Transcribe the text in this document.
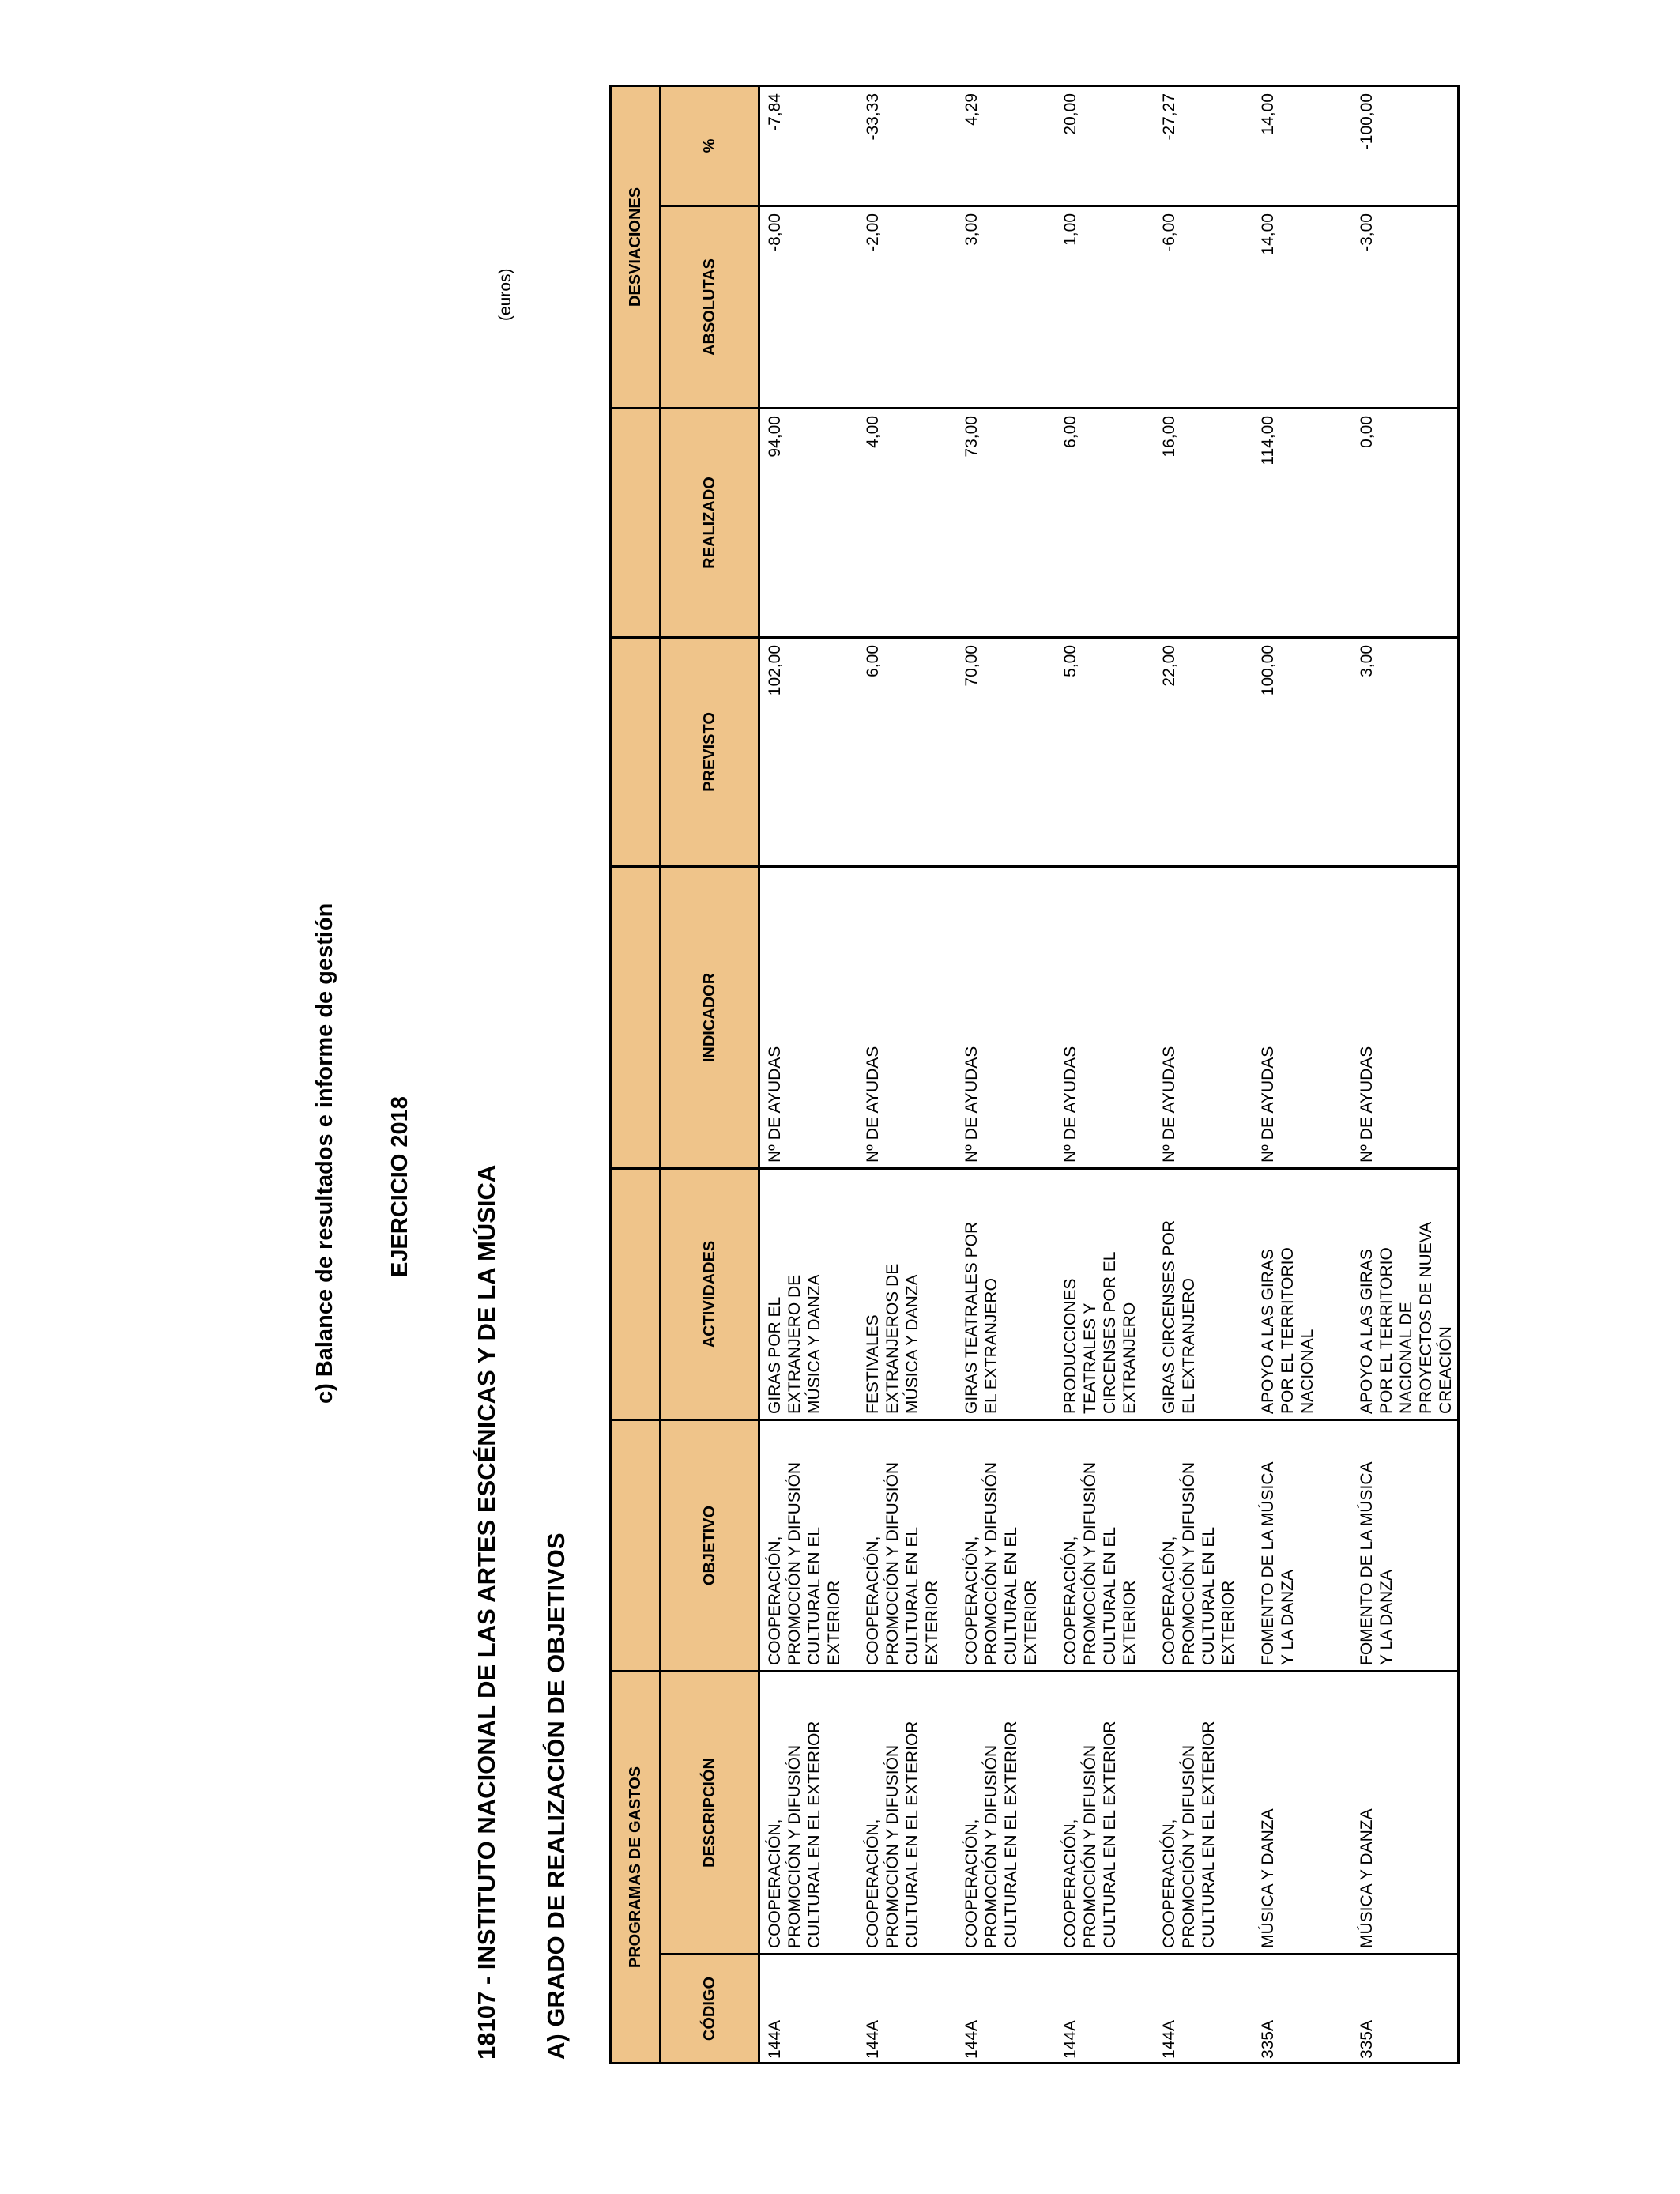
c) Balance de resultados e informe de gestión EJERCICIO 2018 18107 - INSTITUTO NACIONAL DE LAS ARTES ESCÉNICAS Y DE LA MÚSICA
(euros)
A) GRADO DE REALIZACIÓN DE OBJETIVOS	PROGRAMAS DE GASTOS							DESVIACIONES	
CÓDIGO	DESCRIPCIÓN	OBJETIVO	ACTIVIDADES	INDICADOR	PREVISTO	REALIZADO	ABSOLUTAS	%
144A	COOPERACIÓN,
PROMOCIÓN Y DIFUSIÓN
CULTURAL EN EL EXTERIOR	COOPERACIÓN,
PROMOCIÓN Y DIFUSIÓN
CULTURAL EN EL
EXTERIOR	GIRAS POR EL
EXTRANJERO DE
MÚSICA Y DANZA	Nº DE AYUDAS	102,00	94,00	-8,00	-7,84
144A	COOPERACIÓN,
PROMOCIÓN Y DIFUSIÓN
CULTURAL EN EL EXTERIOR	COOPERACIÓN,
PROMOCIÓN Y DIFUSIÓN
CULTURAL EN EL
EXTERIOR	FESTIVALES
EXTRANJEROS DE
MÚSICA Y DANZA	Nº DE AYUDAS	6,00	4,00	-2,00	-33,33
144A	COOPERACIÓN,
PROMOCIÓN Y DIFUSIÓN
CULTURAL EN EL EXTERIOR	COOPERACIÓN,
PROMOCIÓN Y DIFUSIÓN
CULTURAL EN EL
EXTERIOR	GIRAS TEATRALES POR
EL EXTRANJERO	Nº DE AYUDAS	70,00	73,00	3,00	4,29
144A	COOPERACIÓN,
PROMOCIÓN Y DIFUSIÓN
CULTURAL EN EL EXTERIOR	COOPERACIÓN,
PROMOCIÓN Y DIFUSIÓN
CULTURAL EN EL
EXTERIOR	PRODUCCIONES
TEATRALES Y
CIRCENSES POR EL
EXTRANJERO	Nº DE AYUDAS	5,00	6,00	1,00	20,00
144A	COOPERACIÓN,
PROMOCIÓN Y DIFUSIÓN
CULTURAL EN EL EXTERIOR	COOPERACIÓN,
PROMOCIÓN Y DIFUSIÓN
CULTURAL EN EL
EXTERIOR	GIRAS CIRCENSES POR
EL EXTRANJERO	Nº DE AYUDAS	22,00	16,00	-6,00	-27,27
335A	MÚSICA Y DANZA	FOMENTO DE LA MÚSICA
Y LA DANZA	APOYO A LAS GIRAS
POR EL TERRITORIO
NACIONAL	Nº DE AYUDAS	100,00	114,00	14,00	14,00
335A	MÚSICA Y DANZA	FOMENTO DE LA MÚSICA
Y LA DANZA	APOYO A LAS GIRAS
POR EL TERRITORIO
NACIONAL DE
PROYECTOS DE NUEVA
CREACIÓN	Nº DE AYUDAS	3,00	0,00	-3,00	-100,00
